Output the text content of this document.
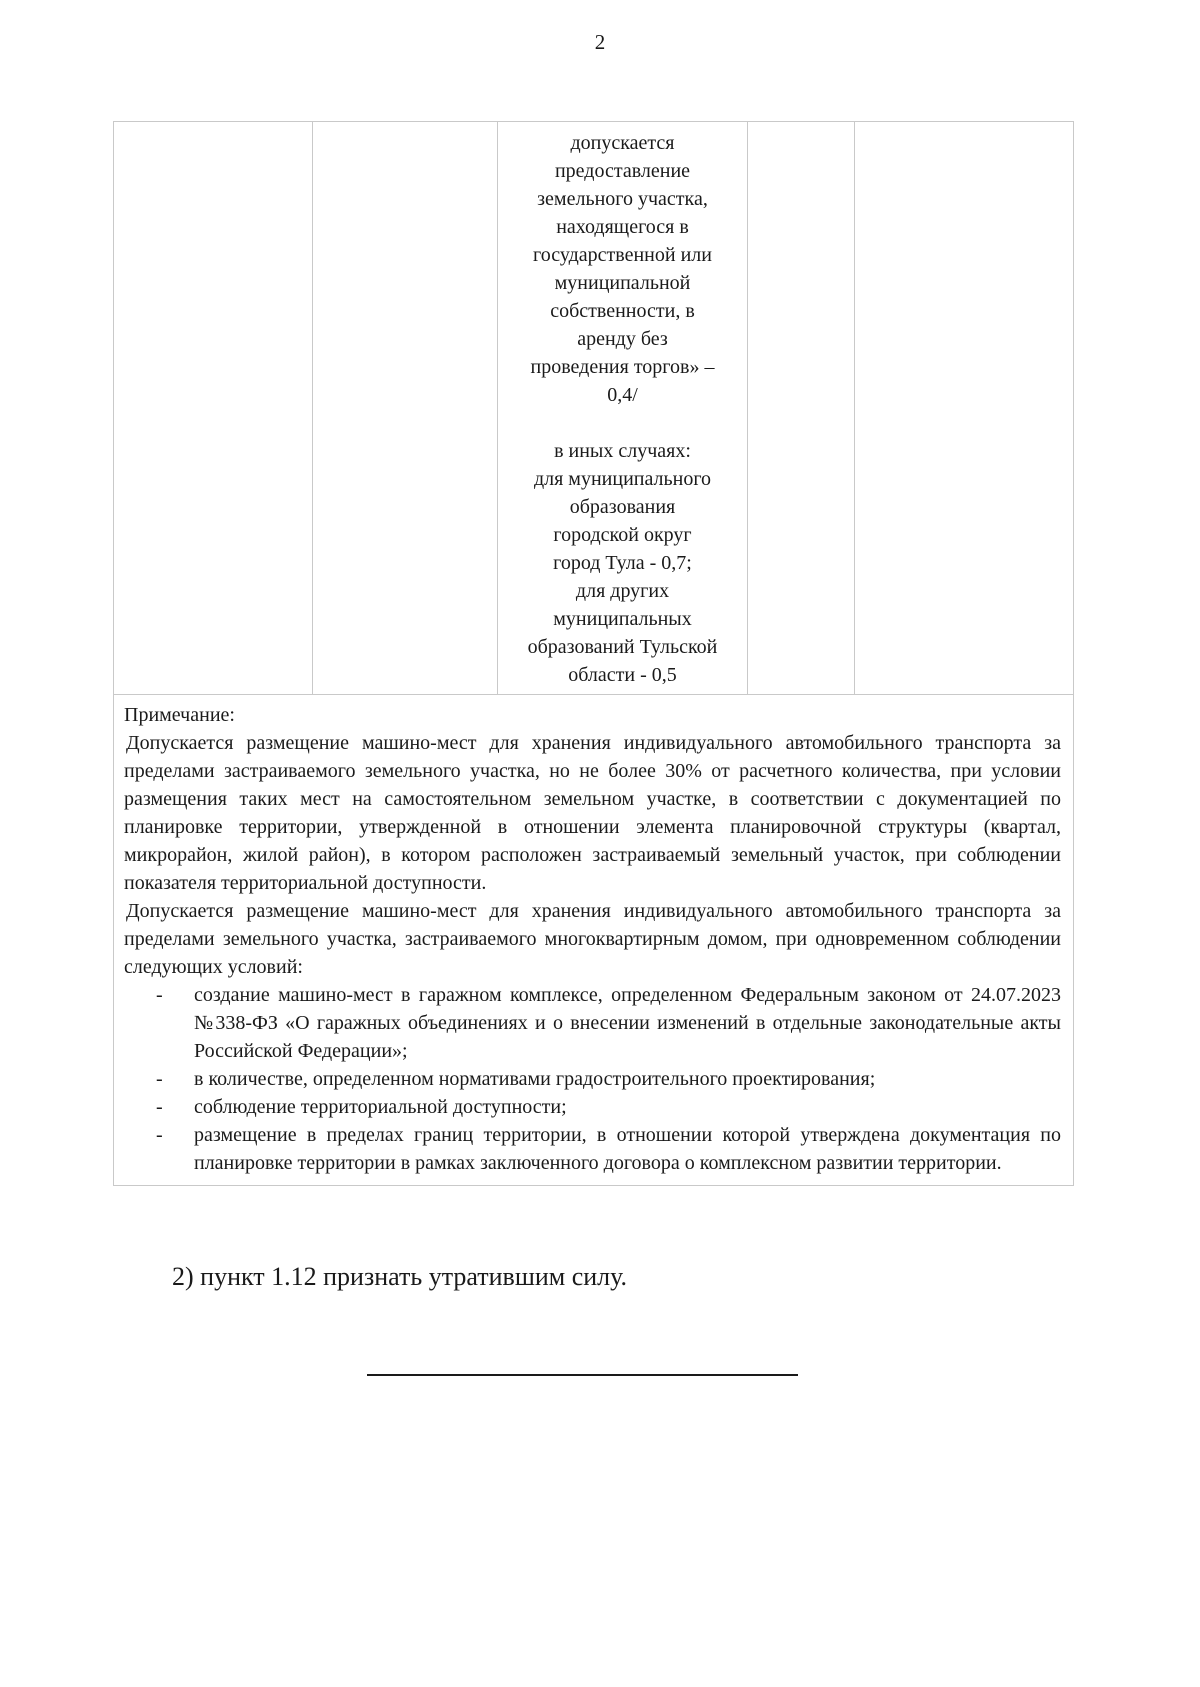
2

допускается
предоставление
земельного участка,
находящегося в
государственной или
муниципальной
собственности, в
аренду без
проведения торгов» –
0,4/
в иных случаях:
для муниципального
образования
городской округ
город Тула - 0,7;
для других
муниципальных
образований Тульской
области - 0,5

Примечание:

Допускается размещение машино-мест для хранения индивидуального автомобильного транспорта за пределами застраиваемого земельного участка, но не более 30% от расчетного количества, при условии размещения таких мест на самостоятельном земельном участке, в соответствии с документацией по планировке территории, утвержденной в отношении элемента планировочной структуры (квартал, микрорайон, жилой район), в котором расположен застраиваемый земельный участок, при соблюдении показателя территориальной доступности.

Допускается размещение машино-мест для хранения индивидуального автомобильного транспорта за пределами земельного участка, застраиваемого многоквартирным домом, при одновременном соблюдении следующих условий:

- создание машино-мест в гаражном комплексе, определенном Федеральным законом от 24.07.2023 №338-ФЗ «О гаражных объединениях и о внесении изменений в отдельные законодательные акты Российской Федерации»;
- в количестве, определенном нормативами градостроительного проектирования;
- соблюдение территориальной доступности;
- размещение в пределах границ территории, в отношении которой утверждена документация по планировке территории в рамках заключенного договора о комплексном развитии территории.
2) пункт 1.12 признать утратившим силу.
